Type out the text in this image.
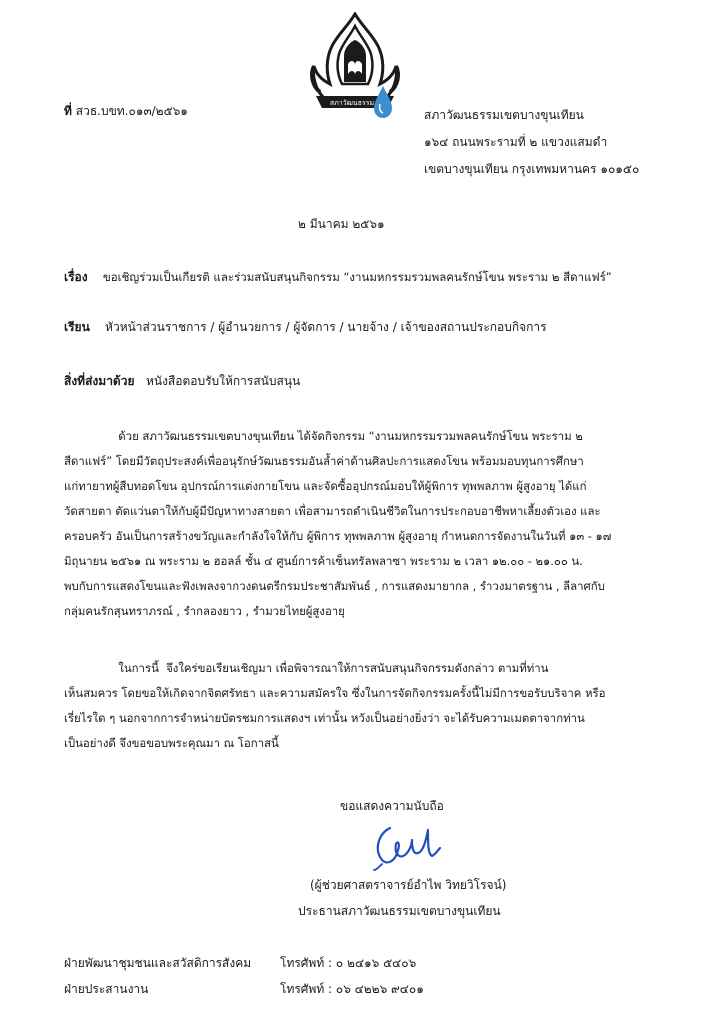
สภาวัฒนธรรม
ที่ สวธ.บขท.๐๑๓/๒๕๖๑	สภาวัฒนธรรมเขตบางขุนเทียน
๑๖๔ ถนนพระรามที่ ๒ แขวงแสมดำ
เขตบางขุนเทียน กรุงเทพมหานคร ๑๐๑๕๐
๒ มีนาคม ๒๕๖๑
เรื่อง ขอเชิญร่วมเป็นเกียรติ และร่วมสนับสนุนกิจกรรม “งานมหกรรมรวมพลคนรักษ์โขน พระราม ๒ สีดาแฟร์”
เรียน หัวหน้าส่วนราชการ / ผู้อำนวยการ / ผู้จัดการ / นายจ้าง / เจ้าของสถานประกอบกิจการ
สิ่งที่ส่งมาด้วย หนังสือตอบรับให้การสนับสนุน
ด้วย สภาวัฒนธรรมเขตบางขุนเทียน ได้จัดกิจกรรม “งานมหกรรมรวมพลคนรักษ์โขน พระราม ๒
สีดาแฟร์” โดยมีวัตถุประสงค์เพื่ออนุรักษ์วัฒนธรรมอันล้ำค่าด้านศิลปะการแสดงโขน พร้อมมอบทุนการศึกษา
แก่ทายาทผู้สืบทอดโขน อุปกรณ์การแต่งกายโขน และจัดซื้ออุปกรณ์มอบให้ผู้พิการ ทุพพลภาพ ผู้สูงอายุ ได้แก่
วัดสายตา ตัดแว่นตาให้กับผู้มีปัญหาทางสายตา เพื่อสามารถดำเนินชีวิตในการประกอบอาชีพหาเลี้ยงตัวเอง และ
ครอบครัว อันเป็นการสร้างขวัญและกำลังใจให้กับ ผู้พิการ ทุพพลภาพ ผู้สูงอายุ กำหนดการจัดงานในวันที่ ๑๓ - ๑๗
มิถุนายน ๒๕๖๑ ณ พระราม ๒ ฮอลล์ ชั้น ๔ ศูนย์การค้าเซ็นทรัลพลาซา พระราม ๒ เวลา ๑๒.๐๐ - ๒๑.๐๐ น.
พบกับการแสดงโขนและฟังเพลงจากวงดนตรีกรมประชาสัมพันธ์ , การแสดงมายากล , รำวงมาตรฐาน , ลีลาศกับ
กลุ่มคนรักสุนทราภรณ์ , รำกลองยาว , รำมวยไทยผู้สูงอายุ
ในการนี้  จึงใคร่ขอเรียนเชิญมา เพื่อพิจารณาให้การสนับสนุนกิจกรรมดังกล่าว ตามที่ท่าน
เห็นสมควร โดยขอให้เกิดจากจิตศรัทธา และความสมัครใจ ซึ่งในการจัดกิจกรรมครั้งนี้ไม่มีการขอรับบริจาค หรือ
เรี่ยไรใด ๆ นอกจากการจำหน่ายบัตรชมการแสดงฯ เท่านั้น หวังเป็นอย่างยิ่งว่า จะได้รับความเมตตาจากท่าน
เป็นอย่างดี จึงขอขอบพระคุณมา ณ โอกาสนี้
ขอแสดงความนับถือ
(ผู้ช่วยศาสตราจารย์อำไพ วิทยวิโรจน์)
ประธานสภาวัฒนธรรมเขตบางขุนเทียน
ฝ่ายพัฒนาชุมชนและสวัสดิการสังคม โทรศัพท์ : ๐ ๒๔๑๖ ๕๔๐๖
ฝ่ายประสานงาน	โทรศัพท์ : ๐๖ ๔๒๒๖ ๙๔๐๑
